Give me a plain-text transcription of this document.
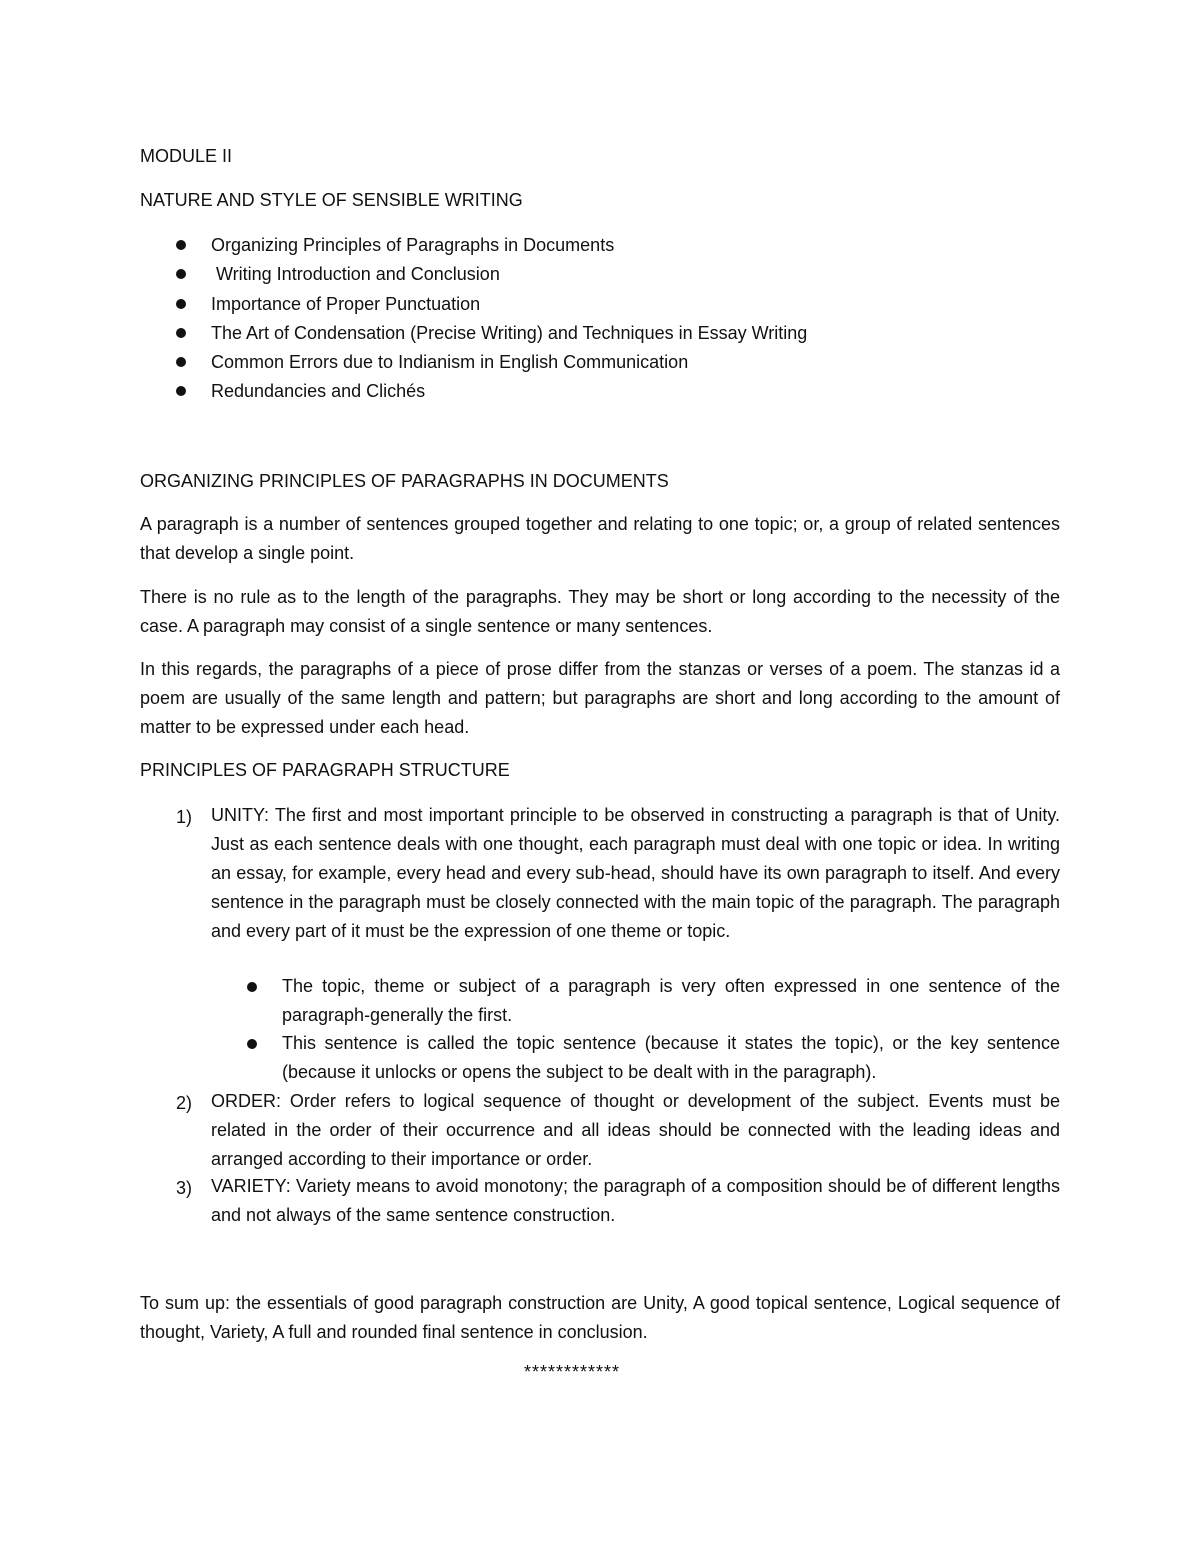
MODULE II
NATURE AND STYLE OF SENSIBLE WRITING
Organizing Principles of Paragraphs in Documents
Writing Introduction and Conclusion
Importance of Proper Punctuation
The Art of Condensation (Precise Writing) and Techniques in Essay Writing
Common Errors due to Indianism in English Communication
Redundancies and Clichés
ORGANIZING PRINCIPLES OF PARAGRAPHS IN DOCUMENTS
A paragraph is a number of sentences grouped together and relating to one topic; or, a group of related sentences that develop a single point.
There is no rule as to the length of the paragraphs. They may be short or long according to the necessity of the case. A paragraph may consist of a single sentence or many sentences.
In this regards, the paragraphs of a piece of prose differ from the stanzas or verses of a poem. The stanzas id a poem are usually of the same length and pattern; but paragraphs are short and long according to the amount of matter to be expressed under each head.
PRINCIPLES OF PARAGRAPH STRUCTURE
1) UNITY: The first and most important principle to be observed in constructing a paragraph is that of Unity. Just as each sentence deals with one thought, each paragraph must deal with one topic or idea. In writing an essay, for example, every head and every sub-head, should have its own paragraph to itself. And every sentence in the paragraph must be closely connected with the main topic of the paragraph. The paragraph and every part of it must be the expression of one theme or topic.
The topic, theme or subject of a paragraph is very often expressed in one sentence of the paragraph-generally the first.
This sentence is called the topic sentence (because it states the topic), or the key sentence (because it unlocks or opens the subject to be dealt with in the paragraph).
2) ORDER: Order refers to logical sequence of thought or development of the subject. Events must be related in the order of their occurrence and all ideas should be connected with the leading ideas and arranged according to their importance or order.
3) VARIETY: Variety means to avoid monotony; the paragraph of a composition should be of different lengths and not always of the same sentence construction.
To sum up: the essentials of good paragraph construction are Unity, A good topical sentence, Logical sequence of thought, Variety, A full and rounded final sentence in conclusion.
************
